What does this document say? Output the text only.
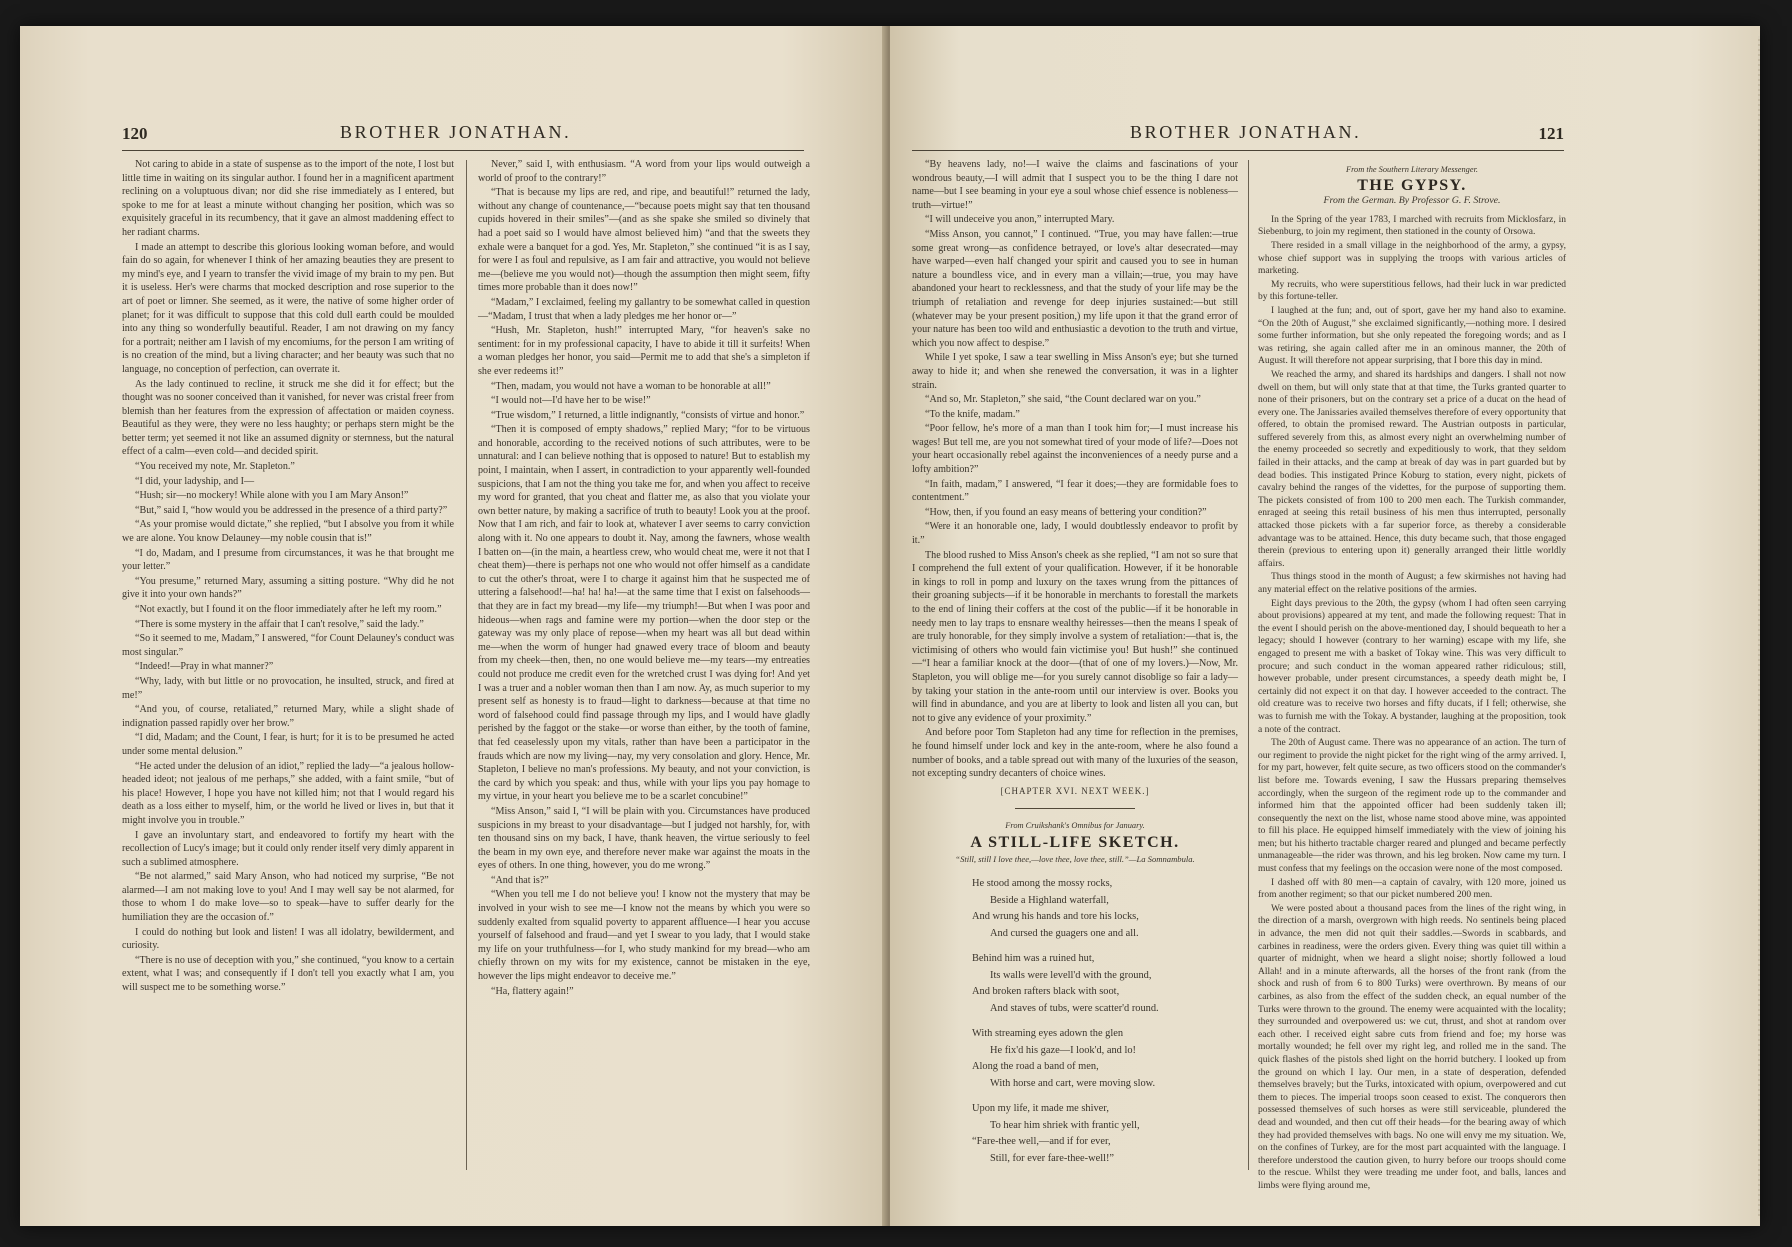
120	BROTHER JONATHAN.

Not caring to abide in a state of suspense as to the import of the note, I lost but little time in waiting on its singular author. I found her in a magnificent apartment reclining on a voluptuous divan; nor did she rise immediately as I entered, but spoke to me for at least a minute without changing her position, which was so exquisitely graceful in its recumbency, that it gave an almost maddening effect to her radiant charms.

I made an attempt to describe this glorious looking woman before, and would fain do so again, for whenever I think of her amazing beauties they are present to my mind's eye, and I yearn to transfer the vivid image of my brain to my pen. But it is useless. Her's were charms that mocked description and rose superior to the art of poet or limner. She seemed, as it were, the native of some higher order of planet; for it was difficult to suppose that this cold dull earth could be moulded into any thing so wonderfully beautiful. Reader, I am not drawing on my fancy for a portrait; neither am I lavish of my encomiums, for the person I am writing of is no creation of the mind, but a living character; and her beauty was such that no language, no conception of perfection, can overrate it.

As the lady continued to recline, it struck me she did it for effect; but the thought was no sooner conceived than it vanished, for never was cristal freer from blemish than her features from the expression of affectation or maiden coyness. Beautiful as they were, they were no less haughty; or perhaps stern might be the better term; yet seemed it not like an assumed dignity or sternness, but the natural effect of a calm—even cold—and decided spirit.

“You received my note, Mr. Stapleton.”

“I did, your ladyship, and I—

“Hush; sir—no mockery! While alone with you I am Mary Anson!”

“But,” said I, “how would you be addressed in the presence of a third party?”

“As your promise would dictate,” she replied, “but I absolve you from it while we are alone. You know Delauney—my noble cousin that is!”

“I do, Madam, and I presume from circumstances, it was he that brought me your letter.”

“You presume,” returned Mary, assuming a sitting posture. “Why did he not give it into your own hands?”

“Not exactly, but I found it on the floor immediately after he left my room.”

“There is some mystery in the affair that I can't resolve,” said the lady.”

“So it seemed to me, Madam,” I answered, “for Count Delauney's conduct was most singular.”

“Indeed!—Pray in what manner?”

“Why, lady, with but little or no provocation, he insulted, struck, and fired at me!”

“And you, of course, retaliated,” returned Mary, while a slight shade of indignation passed rapidly over her brow.”

“I did, Madam; and the Count, I fear, is hurt; for it is to be presumed he acted under some mental delusion.”

“He acted under the delusion of an idiot,” replied the lady—“a jealous hollow-headed ideot; not jealous of me perhaps,” she added, with a faint smile, “but of his place! However, I hope you have not killed him; not that I would regard his death as a loss either to myself, him, or the world he lived or lives in, but that it might involve you in trouble.”

I gave an involuntary start, and endeavored to fortify my heart with the recollection of Lucy's image; but it could only render itself very dimly apparent in such a sublimed atmosphere.

“Be not alarmed,” said Mary Anson, who had noticed my surprise, “Be not alarmed—I am not making love to you! And I may well say be not alarmed, for those to whom I do make love—so to speak—have to suffer dearly for the humiliation they are the occasion of.”

I could do nothing but look and listen! I was all idolatry, bewilderment, and curiosity.

“There is no use of deception with you,” she continued, “you know to a certain extent, what I was; and consequently if I don't tell you exactly what I am, you will suspect me to be something worse.”

Never,” said I, with enthusiasm. “A word from your lips would outweigh a world of proof to the contrary!”

“That is because my lips are red, and ripe, and beautiful!” returned the lady, without any change of countenance,—“because poets might say that ten thousand cupids hovered in their smiles”—(and as she spake she smiled so divinely that had a poet said so I would have almost believed him) “and that the sweets they exhale were a banquet for a god. Yes, Mr. Stapleton,” she continued “it is as I say, for were I as foul and repulsive, as I am fair and attractive, you would not believe me—(believe me you would not)—though the assumption then might seem, fifty times more probable than it does now!”

“Madam,” I exclaimed, feeling my gallantry to be somewhat called in question—“Madam, I trust that when a lady pledges me her honor or—”

“Hush, Mr. Stapleton, hush!” interrupted Mary, “for heaven's sake no sentiment: for in my professional capacity, I have to abide it till it surfeits! When a woman pledges her honor, you said—Permit me to add that she's a simpleton if she ever redeems it!”

“Then, madam, you would not have a woman to be honorable at all!”

“I would not—I'd have her to be wise!”

“True wisdom,” I returned, a little indignantly, “consists of virtue and honor.”

“Then it is composed of empty shadows,” replied Mary; “for to be virtuous and honorable, according to the received notions of such attributes, were to be unnatural: and I can believe nothing that is opposed to nature! But to establish my point, I maintain, when I assert, in contradiction to your apparently well-founded suspicions, that I am not the thing you take me for, and when you affect to receive my word for granted, that you cheat and flatter me, as also that you violate your own better nature, by making a sacrifice of truth to beauty! Look you at the proof. Now that I am rich, and fair to look at, whatever I aver seems to carry conviction along with it. No one appears to doubt it. Nay, among the fawners, whose wealth I batten on—(in the main, a heartless crew, who would cheat me, were it not that I cheat them)—there is perhaps not one who would not offer himself as a candidate to cut the other's throat, were I to charge it against him that he suspected me of uttering a falsehood!—ha! ha! ha!—at the same time that I exist on falsehoods—that they are in fact my bread—my life—my triumph!—But when I was poor and hideous—when rags and famine were my portion—when the door step or the gateway was my only place of repose—when my heart was all but dead within me—when the worm of hunger had gnawed every trace of bloom and beauty from my cheek—then, then, no one would believe me—my tears—my entreaties could not produce me credit even for the wretched crust I was dying for! And yet I was a truer and a nobler woman then than I am now. Ay, as much superior to my present self as honesty is to fraud—light to darkness—because at that time no word of falsehood could find passage through my lips, and I would have gladly perished by the faggot or the stake—or worse than either, by the tooth of famine, that fed ceaselessly upon my vitals, rather than have been a participator in the frauds which are now my living—nay, my very consolation and glory. Hence, Mr. Stapleton, I believe no man's professions. My beauty, and not your conviction, is the card by which you speak: and thus, while with your lips you pay homage to my virtue, in your heart you believe me to be a scarlet concubine!”

“Miss Anson,” said I, “I will be plain with you. Circumstances have produced suspicions in my breast to your disadvantage—but I judged not harshly, for, with ten thousand sins on my back, I have, thank heaven, the virtue seriously to feel the beam in my own eye, and therefore never make war against the moats in the eyes of others. In one thing, however, you do me wrong.”

“And that is?”

“When you tell me I do not believe you! I know not the mystery that may be involved in your wish to see me—I know not the means by which you were so suddenly exalted from squalid poverty to apparent affluence—I hear you accuse yourself of falsehood and fraud—and yet I swear to you lady, that I would stake my life on your truthfulness—for I, who study mankind for my bread—who am chiefly thrown on my wits for my existence, cannot be mistaken in the eye, however the lips might endeavor to deceive me.”

“Ha, flattery again!”

BROTHER JONATHAN.	121

“By heavens lady, no!—I waive the claims and fascinations of your wondrous beauty,—I will admit that I suspect you to be the thing I dare not name—but I see beaming in your eye a soul whose chief essence is nobleness—truth—virtue!”

“I will undeceive you anon,” interrupted Mary.

“Miss Anson, you cannot,” I continued. “True, you may have fallen:—true some great wrong—as confidence betrayed, or love's altar desecrated—may have warped—even half changed your spirit and caused you to see in human nature a boundless vice, and in every man a villain;—true, you may have abandoned your heart to recklessness, and that the study of your life may be the triumph of retaliation and revenge for deep injuries sustained:—but still (whatever may be your present position,) my life upon it that the grand error of your nature has been too wild and enthusiastic a devotion to the truth and virtue, which you now affect to despise.”

While I yet spoke, I saw a tear swelling in Miss Anson's eye; but she turned away to hide it; and when she renewed the conversation, it was in a lighter strain.

“And so, Mr. Stapleton,” she said, “the Count declared war on you.”

“To the knife, madam.”

“Poor fellow, he's more of a man than I took him for;—I must increase his wages! But tell me, are you not somewhat tired of your mode of life?—Does not your heart occasionally rebel against the inconveniences of a needy purse and a lofty ambition?”

“In faith, madam,” I answered, “I fear it does;—they are formidable foes to contentment.”

“How, then, if you found an easy means of bettering your condition?”

“Were it an honorable one, lady, I would doubtlessly endeavor to profit by it.”

The blood rushed to Miss Anson's cheek as she replied, “I am not so sure that I comprehend the full extent of your qualification. However, if it be honorable in kings to roll in pomp and luxury on the taxes wrung from the pittances of their groaning subjects—if it be honorable in merchants to forestall the markets to the end of lining their coffers at the cost of the public—if it be honorable in needy men to lay traps to ensnare wealthy heiresses—then the means I speak of are truly honorable, for they simply involve a system of retaliation:—that is, the victimising of others who would fain victimise you! But hush!” she continued—“I hear a familiar knock at the door—(that of one of my lovers.)—Now, Mr. Stapleton, you will oblige me—for you surely cannot disoblige so fair a lady—by taking your station in the ante-room until our interview is over. Books you will find in abundance, and you are at liberty to look and listen all you can, but not to give any evidence of your proximity.”

And before poor Tom Stapleton had any time for reflection in the premises, he found himself under lock and key in the ante-room, where he also found a number of books, and a table spread out with many of the luxuries of the season, not excepting sundry decanters of choice wines.

[CHAPTER XVI. NEXT WEEK.]
From Cruikshank's Omnibus for January.
A STILL-LIFE SKETCH.
“Still, still I love thee,—love thee, love thee, still.”—La Somnambula.
He stood among the mossy rocks,
Beside a Highland waterfall,
And wrung his hands and tore his locks,
And cursed the guagers one and all.
Behind him was a ruined hut,
Its walls were levell'd with the ground,
And broken rafters black with soot,
And staves of tubs, were scatter'd round.
With streaming eyes adown the glen
He fix'd his gaze—I look'd, and lo!
Along the road a band of men,
With horse and cart, were moving slow.
Upon my life, it made me shiver,
To hear him shriek with frantic yell,
“Fare-thee well,—and if for ever,
Still, for ever fare-thee-well!”
From the Southern Literary Messenger.
THE GYPSY.
From the German. By Professor G. F. Strove.

In the Spring of the year 1783, I marched with recruits from Micklosfarz, in Siebenburg, to join my regiment, then stationed in the county of Orsowa.

There resided in a small village in the neighborhood of the army, a gypsy, whose chief support was in supplying the troops with various articles of marketing.

My recruits, who were superstitious fellows, had their luck in war predicted by this fortune-teller.

I laughed at the fun; and, out of sport, gave her my hand also to examine. “On the 20th of August,” she exclaimed significantly,—nothing more. I desired some further information, but she only repeated the foregoing words; and as I was retiring, she again called after me in an ominous manner, the 20th of August. It will therefore not appear surprising, that I bore this day in mind.

We reached the army, and shared its hardships and dangers. I shall not now dwell on them, but will only state that at that time, the Turks granted quarter to none of their prisoners, but on the contrary set a price of a ducat on the head of every one. The Janissaries availed themselves therefore of every opportunity that offered, to obtain the promised reward. The Austrian outposts in particular, suffered severely from this, as almost every night an overwhelming number of the enemy proceeded so secretly and expeditiously to work, that they seldom failed in their attacks, and the camp at break of day was in part guarded but by dead bodies. This instigated Prince Koburg to station, every night, pickets of cavalry behind the ranges of the videttes, for the purpose of supporting them. The pickets consisted of from 100 to 200 men each. The Turkish commander, enraged at seeing this retail business of his men thus interrupted, personally attacked those pickets with a far superior force, as thereby a considerable advantage was to be attained. Hence, this duty became such, that those engaged therein (previous to entering upon it) generally arranged their little worldly affairs.

Thus things stood in the month of August; a few skirmishes not having had any material effect on the relative positions of the armies.

Eight days previous to the 20th, the gypsy (whom I had often seen carrying about provisions) appeared at my tent, and made the following request: That in the event I should perish on the above-mentioned day, I should bequeath to her a legacy; should I however (contrary to her warning) escape with my life, she engaged to present me with a basket of Tokay wine. This was very difficult to procure; and such conduct in the woman appeared rather ridiculous; still, however probable, under present circumstances, a speedy death might be, I certainly did not expect it on that day. I however acceeded to the contract. The old creature was to receive two horses and fifty ducats, if I fell; otherwise, she was to furnish me with the Tokay. A bystander, laughing at the proposition, took a note of the contract.

The 20th of August came. There was no appearance of an action. The turn of our regiment to provide the night picket for the right wing of the army arrived. I, for my part, however, felt quite secure, as two officers stood on the commander's list before me. Towards evening, I saw the Hussars preparing themselves accordingly, when the surgeon of the regiment rode up to the commander and informed him that the appointed officer had been suddenly taken ill; consequently the next on the list, whose name stood above mine, was appointed to fill his place. He equipped himself immediately with the view of joining his men; but his hitherto tractable charger reared and plunged and became perfectly unmanageable—the rider was thrown, and his leg broken. Now came my turn. I must confess that my feelings on the occasion were none of the most composed.

I dashed off with 80 men—a captain of cavalry, with 120 more, joined us from another regiment; so that our picket numbered 200 men.

We were posted about a thousand paces from the lines of the right wing, in the direction of a marsh, overgrown with high reeds. No sentinels being placed in advance, the men did not quit their saddles.—Swords in scabbards, and carbines in readiness, were the orders given. Every thing was quiet till within a quarter of midnight, when we heard a slight noise; shortly followed a loud Allah! and in a minute afterwards, all the horses of the front rank (from the shock and rush of from 6 to 800 Turks) were overthrown. By means of our carbines, as also from the effect of the sudden check, an equal number of the Turks were thrown to the ground. The enemy were acquainted with the locality; they surrounded and overpowered us: we cut, thrust, and shot at random over each other. I received eight sabre cuts from friend and foe; my horse was mortally wounded; he fell over my right leg, and rolled me in the sand. The quick flashes of the pistols shed light on the horrid butchery. I looked up from the ground on which I lay. Our men, in a state of desperation, defended themselves bravely; but the Turks, intoxicated with opium, overpowered and cut them to pieces. The imperial troops soon ceased to exist. The conquerors then possessed themselves of such horses as were still serviceable, plundered the dead and wounded, and then cut off their heads—for the bearing away of which they had provided themselves with bags. No one will envy me my situation. We, on the confines of Turkey, are for the most part acquainted with the language. I therefore understood the caution given, to hurry before our troops should come to the rescue. Whilst they were treading me under foot, and balls, lances and limbs were flying around me,
